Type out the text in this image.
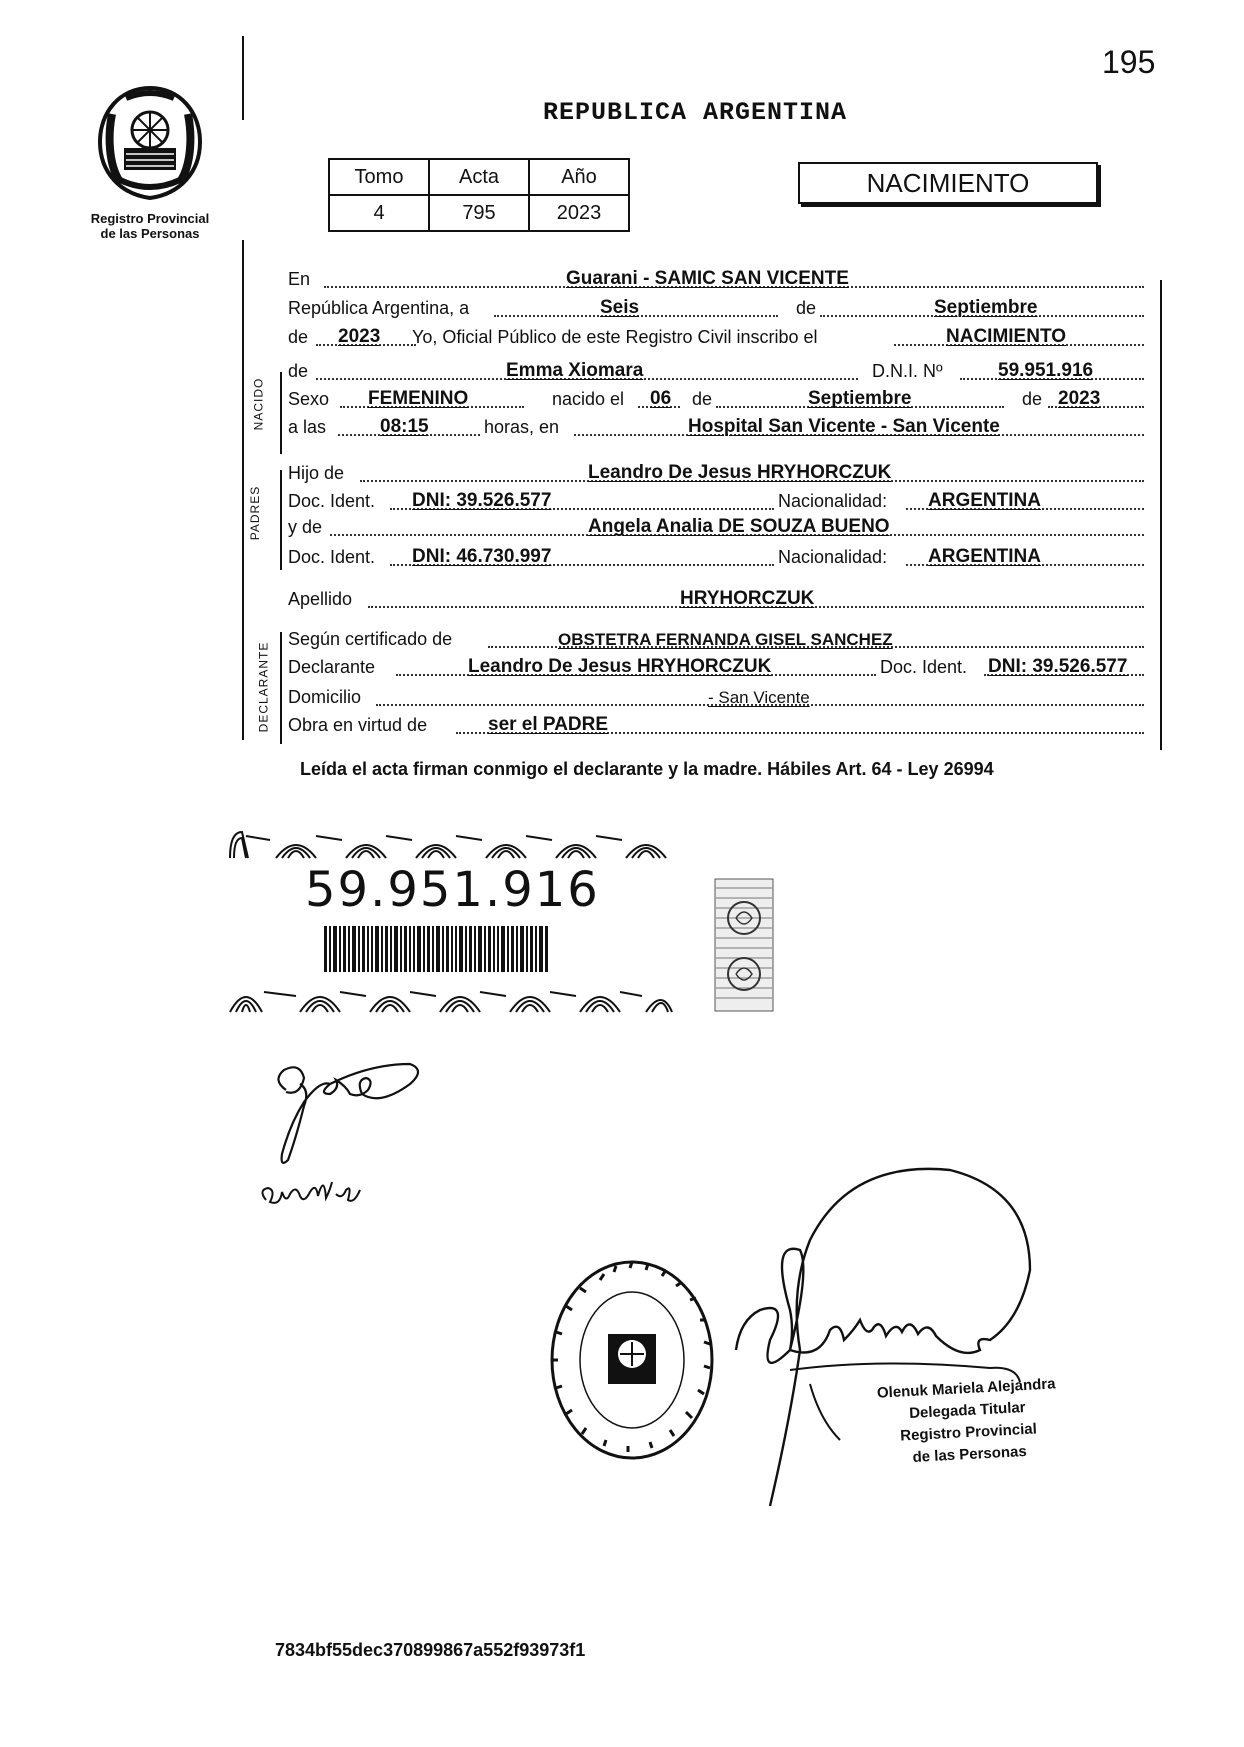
195
Registro Provincial
de las Personas
REPUBLICA ARGENTINA
Tomo	Acta	Año
4	795	2023
NACIMIENTO
NACIDO
PADRES
DECLARANTE
En	Guarani - SAMIC SAN VICENTE
República Argentina, a	Seis	de	Septiembre
de 2023 Yo, Oficial Público de este Registro Civil inscribo el	NACIMIENTO
de	Emma Xiomara	D.N.I. Nº	59.951.916
Sexo FEMENINO	nacido el 06 de	Septiembre	de 2023
a las	08:15	horas, en	Hospital San Vicente - San Vicente
Hijo de	Leandro De Jesus HRYHORCZUK
Doc. Ident. DNI: 39.526.577	Nacionalidad: ARGENTINA
y de	Angela Analia DE SOUZA BUENO
Doc. Ident. DNI: 46.730.997	Nacionalidad: ARGENTINA
Apellido	HRYHORCZUK
Según certificado de	OBSTETRA FERNANDA GISEL SANCHEZ
Declarante	Leandro De Jesus HRYHORCZUK	Doc. Ident. DNI: 39.526.577
Domicilio	- San Vicente
Obra en virtud de	ser el PADRE
Leída el acta firman conmigo el declarante y la madre. Hábiles Art. 64 - Ley 26994
59.951.916
Olenuk Mariela Alejandra
Delegada Titular
Registro Provincial
de las Personas
7834bf55dec370899867a552f93973f1
